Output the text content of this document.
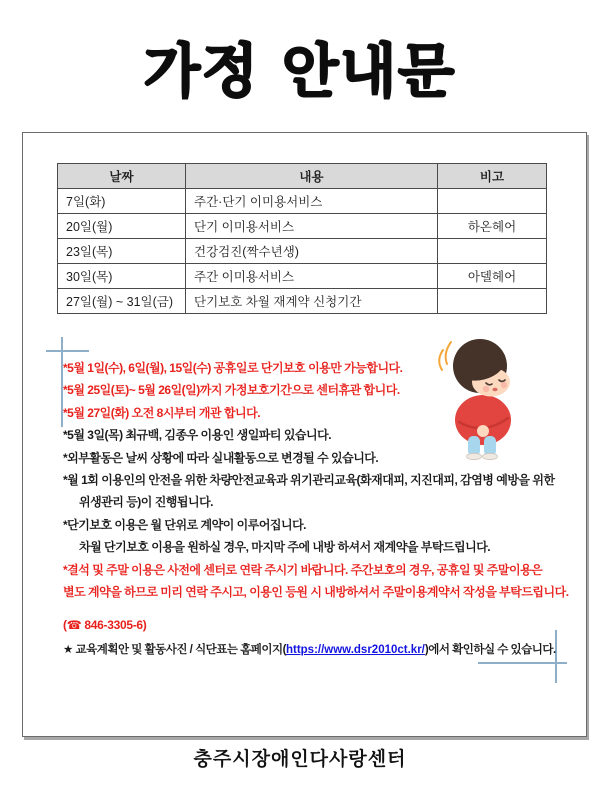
가정 안내문
날짜	내용	비고
7일(화)	주간·단기 이미용서비스	
20일(월)	단기 이미용서비스	하온헤어
23일(목)	건강검진(짝수년생)	
30일(목)	주간 이미용서비스	아델헤어
27일(월) ~ 31일(금)	단기보호 차월 재계약 신청기간	
*5월 1일(수), 6일(월), 15일(수) 공휴일로 단기보호 이용만 가능합니다.
*5월 25일(토)~ 5월 26일(일)까지 가정보호기간으로 센터휴관 합니다.
*5월 27일(화) 오전 8시부터 개관 합니다.
*5월 3일(목) 최규백, 김종우 이용인 생일파티 있습니다.
*외부활동은 날씨 상황에 따라 실내활동으로 변경될 수 있습니다.
*월 1회 이용인의 안전을 위한 차량안전교육과 위기관리교육(화재대피, 지진대피, 감염병 예방을 위한
위생관리 등)이 진행됩니다.
*단기보호 이용은 월 단위로 계약이 이루어집니다.
차월 단기보호 이용을 원하실 경우, 마지막 주에 내방 하셔서 재계약을 부탁드립니다.
*결석 및 주말 이용은 사전에 센터로 연락 주시기 바랍니다. 주간보호의 경우, 공휴일 및 주말이용은
별도 계약을 하므로 미리 연락 주시고, 이용인 등원 시 내방하셔서 주말이용계약서 작성을 부탁드립니다.
(☎ 846-3305-6)
★ 교육계획안 및 활동사진 / 식단표는 홈페이지(https://www.dsr2010ct.kr/)에서 확인하실 수 있습니다.
충주시장애인다사랑센터
